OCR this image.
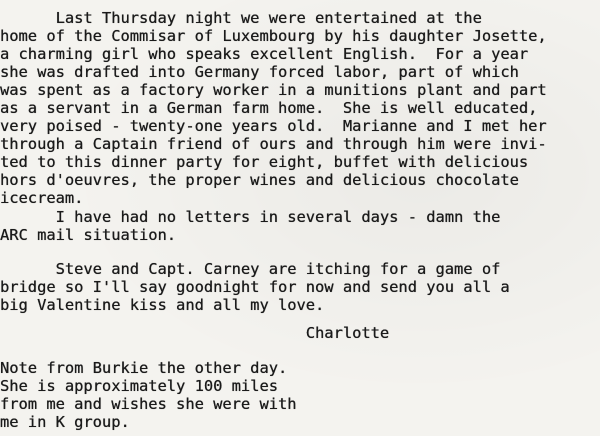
Last Thursday night we were entertained at the
home of the Commisar of Luxembourg by his daughter Josette,
a charming girl who speaks excellent English.  For a year
she was drafted into Germany forced labor, part of which
was spent as a factory worker in a munitions plant and part
as a servant in a German farm home.  She is well educated,
very poised - twenty-one years old.  Marianne and I met her
through a Captain friend of ours and through him were invi-
ted to this dinner party for eight, buffet with delicious
hors d'oeuvres, the proper wines and delicious chocolate
icecream.
I have had no letters in several days - damn the
ARC mail situation.
Steve and Capt. Carney are itching for a game of
bridge so I'll say goodnight for now and send you all a
big Valentine kiss and all my love.
Charlotte
Note from Burkie the other day.
She is approximately 100 miles
from me and wishes she were with
me in K group.
